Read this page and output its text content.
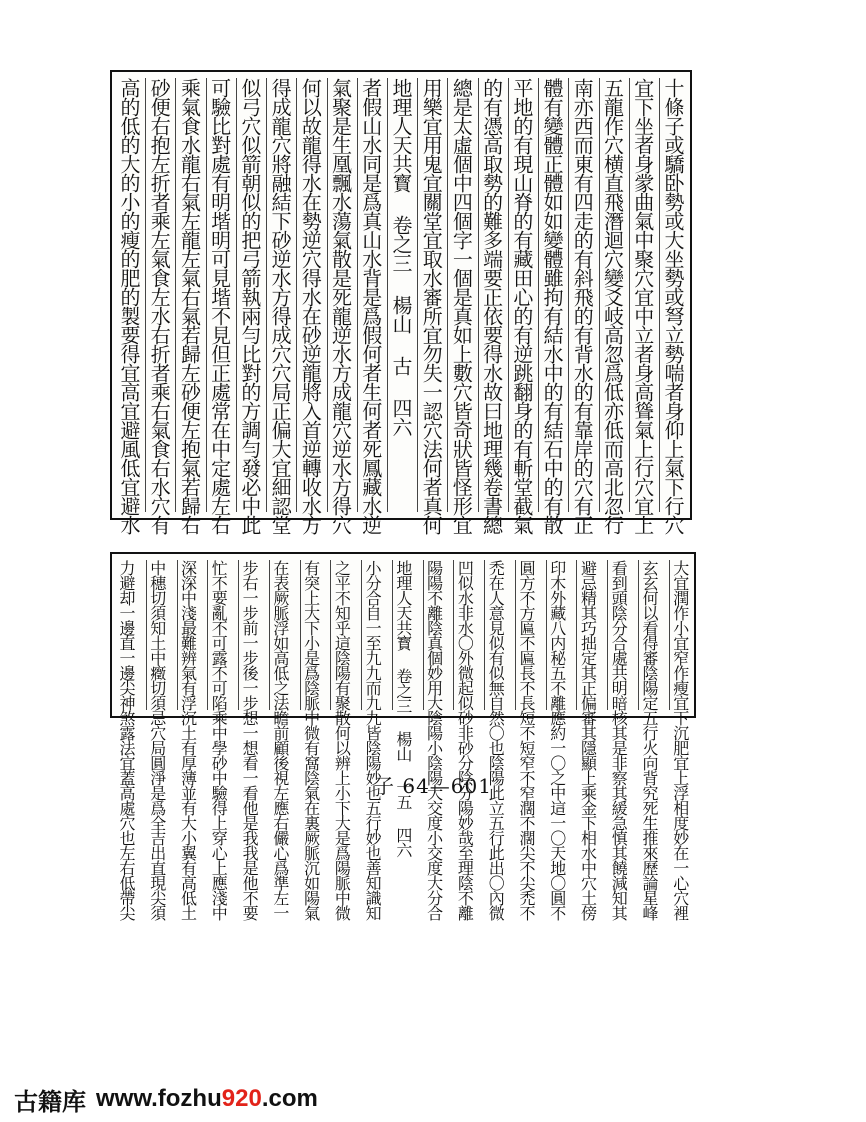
十條子或驕卧勢或大坐勢或弩立勢喘者身仰上氣下行穴
宜下坐者身䝉曲氣中聚穴宜中立者身高聳氣上行穴宜上
五龍作穴横直飛潛迴穴變爻岐高忽爲低亦低而高北忽行
南亦西而東有四走的有斜飛的有背水的有靠岸的穴有正
體有變體正體如如變體雖拘有結水中的有結石中的有散
平地的有現山脊的有藏田心的有逆跳翻身的有斬堂截氣
的有憑高取勢的難多端要正依要得水故曰地理幾卷書總
總是太虛個中四個字一個是真如上數穴皆奇狀皆怪形宜
用樂宜用鬼宜關堂宜取水審所宜勿失一認穴法何者真何
地理人天共寳 卷之三 楊山 古 四六
者假山水同是爲真山水背是爲假何者生何者死鳳藏水逆
氣聚是生凰飄水蕩氣散是死龍逆水方成龍穴逆水方得穴
何以故龍得水在勢逆穴得水在砂逆龍將入首逆轉收水方
得成龍穴將融結下砂逆水方得成穴穴局正偏大宜細認堂
似弓穴似箭朝似的把弓箭執兩勻比對的方調勻發必中此
可驗比對處有明堦明可見堦不見但正處常在中定處左右
乘氣食水龍右氣左龍左氣右氣若歸左砂便左抱氣若歸右
砂便右抱左折者乘左氣食左水右折者乘右氣食右水穴有
高的低的大的小的瘦的肥的製要得宜高宜避風低宜避水
大宜潤作小宜窄作瘦宜下沉肥宜上浮相度妙在一心穴裡
玄玄何以看得審陰陽定五行火向背究死生推來歷論星峰
看到頭陰分合處共明暗核其是非察其緩急慎其饒減知其
避忌精其巧拙定其正偏審其隱顯上乘金下相水中穴土傍
印木外藏八内秘五不離應約一〇之中這一〇天地〇圓不
圓方不方匾不匾長不長短不短窄不窄濶不濶尖不尖禿不
禿在人意見似有似無自然〇也陰陽此立五行此出〇內微
凹似水非水〇外微起似砂非砂分陰分陽妙哉至理陰不離
陽陽不離陰真個妙用大陰陽小陰陽大交度小交度大分合
地理人天共寳 卷之三 楊山 一五 四六
小分合自一至九九而九九皆陰陽妙也五行妙也善知識知
之平不知乎這陰陽有聚散何以辨上小下大是爲陽脈中微
有突上大下小是爲陰脈中微有窩陰氣在裏厥脈沉如陽氣
在表厥脈浮如高低之法瞻前顧後視左應右儼心爲準左一
步右一步前一步後一步想一想看一看他是我我是他不要
忙不要亂不可露不可陷乘中學砂中驗得上穿心上應淺中
深深中淺最難辨氣有浮沉土有厚薄並有大小翼有高低土
中穗切須知土中癥切須忌穴局圓淨是爲全吉出直現尖須
力避却一邊直一邊尖神煞露法宜蓋高處穴也左右低帶尖	子 64—601
古籍库 www.fozhu920.com
